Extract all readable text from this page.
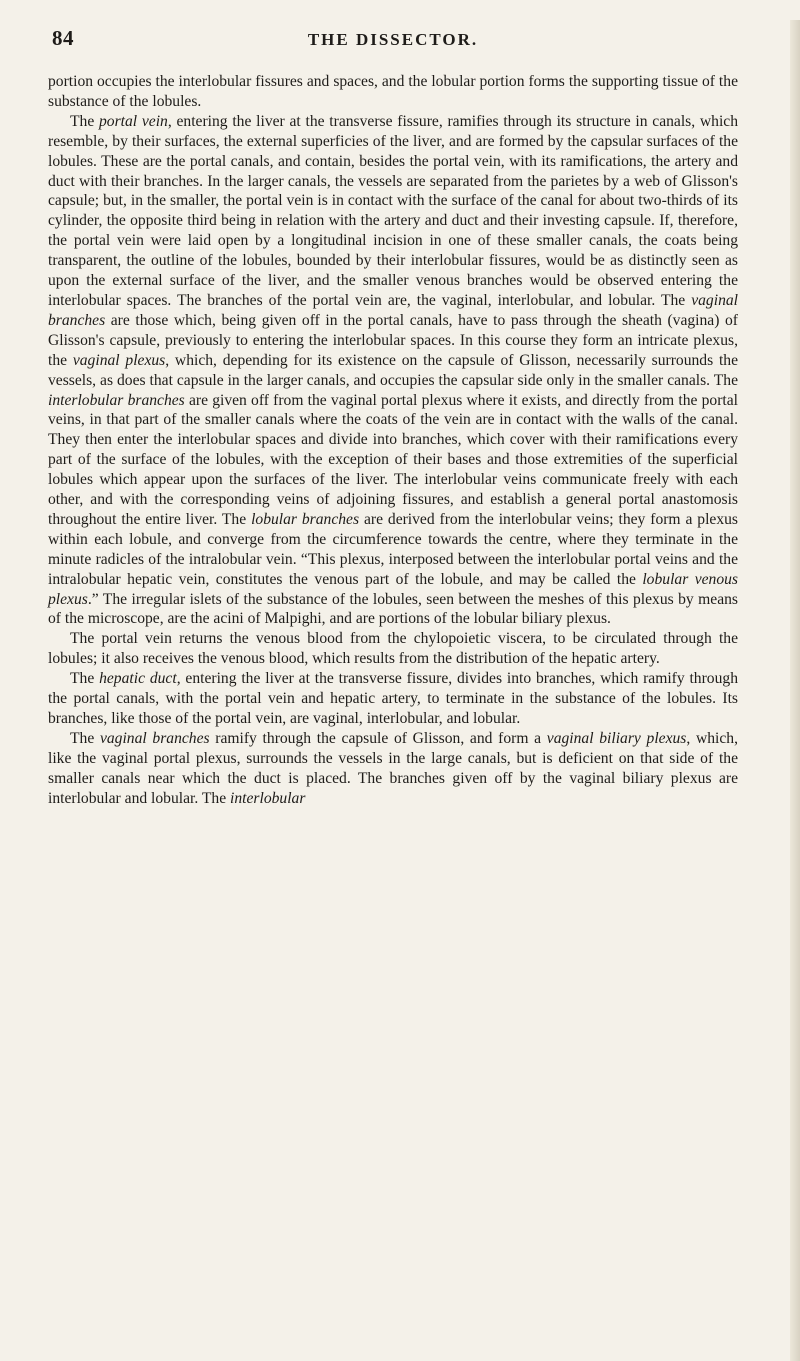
84	THE DISSECTOR.

portion occupies the interlobular fissures and spaces, and the lobular portion forms the supporting tissue of the substance of the lobules.

The portal vein, entering the liver at the transverse fissure, ramifies through its structure in canals, which resemble, by their surfaces, the external superficies of the liver, and are formed by the capsular surfaces of the lobules. These are the portal canals, and contain, besides the portal vein, with its ramifications, the artery and duct with their branches. In the larger canals, the vessels are separated from the parietes by a web of Glisson's capsule; but, in the smaller, the portal vein is in contact with the surface of the canal for about two-thirds of its cylinder, the opposite third being in relation with the artery and duct and their investing capsule. If, therefore, the portal vein were laid open by a longitudinal incision in one of these smaller canals, the coats being transparent, the outline of the lobules, bounded by their interlobular fissures, would be as distinctly seen as upon the external surface of the liver, and the smaller venous branches would be observed entering the interlobular spaces. The branches of the portal vein are, the vaginal, interlobular, and lobular. The vaginal branches are those which, being given off in the portal canals, have to pass through the sheath (vagina) of Glisson's capsule, previously to entering the interlobular spaces. In this course they form an intricate plexus, the vaginal plexus, which, depending for its existence on the capsule of Glisson, necessarily surrounds the vessels, as does that capsule in the larger canals, and occupies the capsular side only in the smaller canals. The interlobular branches are given off from the vaginal portal plexus where it exists, and directly from the portal veins, in that part of the smaller canals where the coats of the vein are in contact with the walls of the canal. They then enter the interlobular spaces and divide into branches, which cover with their ramifications every part of the surface of the lobules, with the exception of their bases and those extremities of the superficial lobules which appear upon the surfaces of the liver. The interlobular veins communicate freely with each other, and with the corresponding veins of adjoining fissures, and establish a general portal anastomosis throughout the entire liver. The lobular branches are derived from the interlobular veins; they form a plexus within each lobule, and converge from the circumference towards the centre, where they terminate in the minute radicles of the intralobular vein. “This plexus, interposed between the interlobular portal veins and the intralobular hepatic vein, constitutes the venous part of the lobule, and may be called the lobular venous plexus.” The irregular islets of the substance of the lobules, seen between the meshes of this plexus by means of the microscope, are the acini of Malpighi, and are portions of the lobular biliary plexus.

The portal vein returns the venous blood from the chylopoietic viscera, to be circulated through the lobules; it also receives the venous blood, which results from the distribution of the hepatic artery.

The hepatic duct, entering the liver at the transverse fissure, divides into branches, which ramify through the portal canals, with the portal vein and hepatic artery, to terminate in the substance of the lobules. Its branches, like those of the portal vein, are vaginal, interlobular, and lobular.

The vaginal branches ramify through the capsule of Glisson, and form a vaginal biliary plexus, which, like the vaginal portal plexus, surrounds the vessels in the large canals, but is deficient on that side of the smaller canals near which the duct is placed. The branches given off by the vaginal biliary plexus are interlobular and lobular. The interlobular
